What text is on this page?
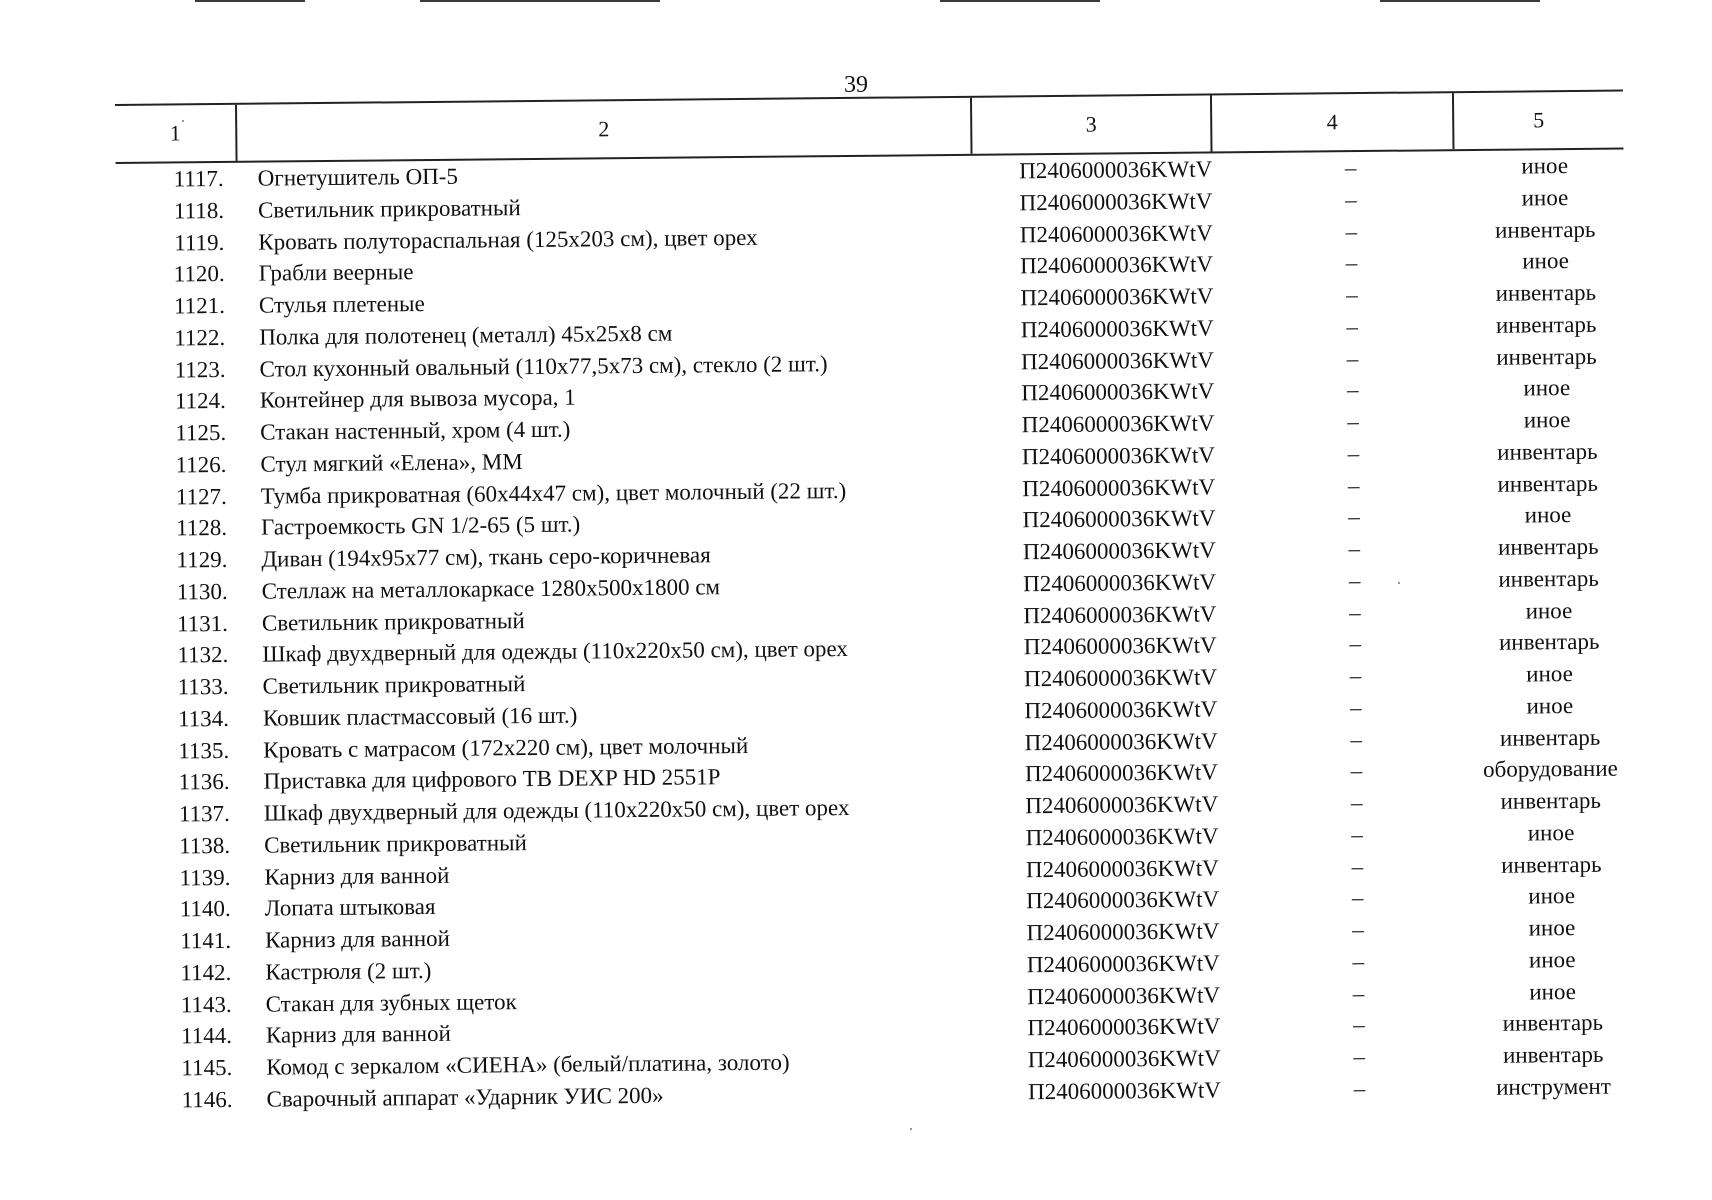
39
1	2	3	4	5
1117. Огнетушитель ОП-5	П2406000036KWtV	–	иное
1118. Светильник прикроватный	П2406000036KWtV	–	иное
1119. Кровать полутораспальная (125х203 см), цвет орех	П2406000036KWtV	–	инвентарь
1120. Грабли веерные	П2406000036KWtV	–	иное
1121. Стулья плетеные	П2406000036KWtV	–	инвентарь
1122. Полка для полотенец (металл) 45х25х8 см	П2406000036KWtV	–	инвентарь
1123. Стол кухонный овальный (110х77,5х73 см), стекло (2 шт.)	П2406000036KWtV	–	инвентарь
1124. Контейнер для вывоза мусора, 1	П2406000036KWtV	–	иное
1125. Стакан настенный, хром (4 шт.)	П2406000036KWtV	–	иное
1126. Стул мягкий «Елена», ММ	П2406000036KWtV	–	инвентарь
1127. Тумба прикроватная (60х44х47 см), цвет молочный (22 шт.)	П2406000036KWtV	–	инвентарь
1128. Гастроемкость GN 1/2-65 (5 шт.)	П2406000036KWtV	–	иное
1129. Диван (194х95х77 см), ткань серо-коричневая	П2406000036KWtV	–	инвентарь
1130. Стеллаж на металлокаркасе 1280х500х1800 см	П2406000036KWtV	–	инвентарь
1131. Светильник прикроватный	П2406000036KWtV	–	иное
1132. Шкаф двухдверный для одежды (110х220х50 см), цвет орех	П2406000036KWtV	–	инвентарь
1133. Светильник прикроватный	П2406000036KWtV	–	иное
1134. Ковшик пластмассовый (16 шт.)	П2406000036KWtV	–	иное
1135. Кровать с матрасом (172х220 см), цвет молочный	П2406000036KWtV	–	инвентарь
1136. Приставка для цифрового ТВ DEXP HD 2551P	П2406000036KWtV	–	оборудование
1137. Шкаф двухдверный для одежды (110х220х50 см), цвет орех	П2406000036KWtV	–	инвентарь
1138. Светильник прикроватный	П2406000036KWtV	–	иное
1139. Карниз для ванной	П2406000036KWtV	–	инвентарь
1140. Лопата штыковая	П2406000036KWtV	–	иное
1141. Карниз для ванной	П2406000036KWtV	–	иное
1142. Кастрюля (2 шт.)	П2406000036KWtV	–	иное
1143. Стакан для зубных щеток	П2406000036KWtV	–	иное
1144. Карниз для ванной	П2406000036KWtV	–	инвентарь
1145. Комод с зеркалом «СИЕНА» (белый/платина, золото)	П2406000036KWtV	–	инвентарь
1146. Сварочный аппарат «Ударник УИС 200»	П2406000036KWtV	–	инструмент
